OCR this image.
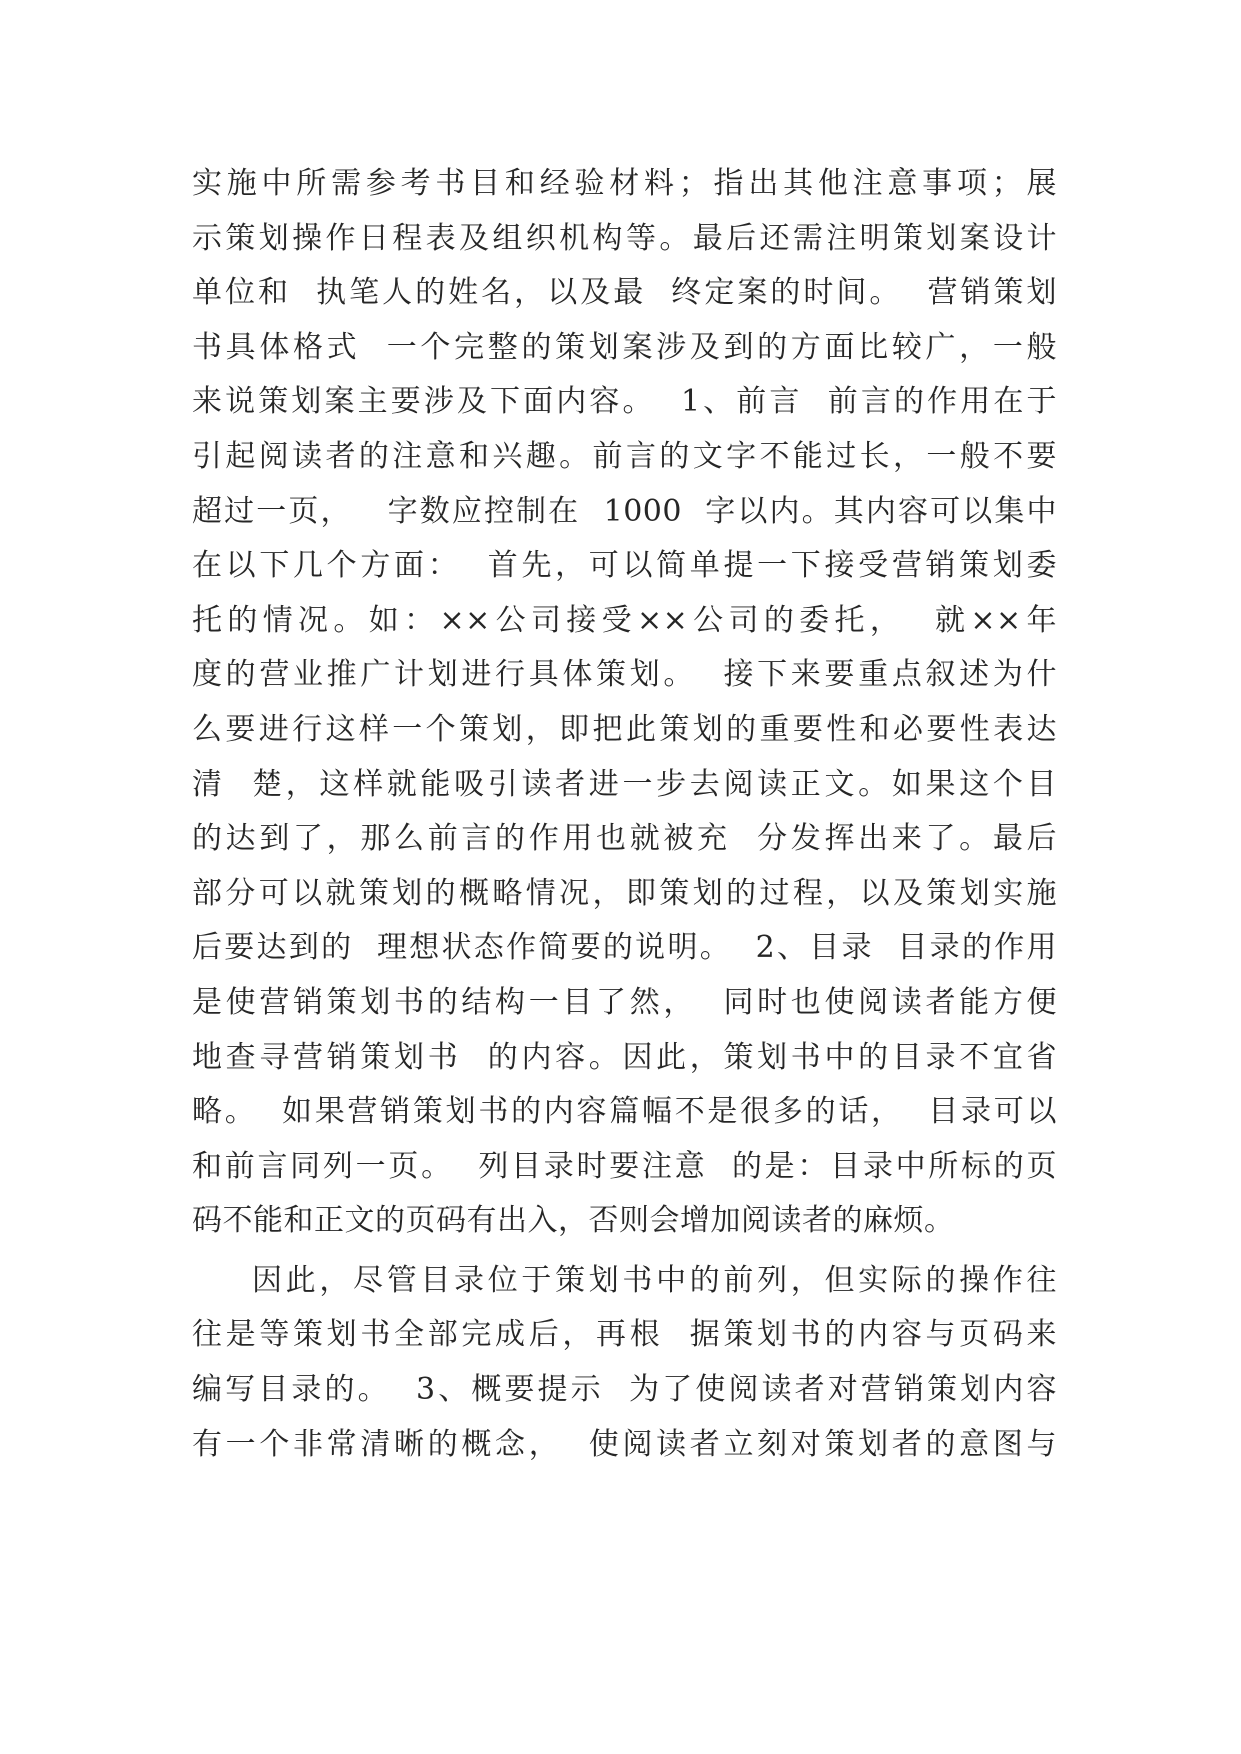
实施中所需参考书目和经验材料；指出其他注意事项；展
示策划操作日程表及组织机构等。最后还需注明策划案设计
单位和  执笔人的姓名，以及最  终定案的时间。  营销策划
书具体格式  一个完整的策划案涉及到的方面比较广，一般
来说策划案主要涉及下面内容。  1、前言  前言的作用在于
引起阅读者的注意和兴趣。前言的文字不能过长，一般不要
超过一页，   字数应控制在  1000  字以内。其内容可以集中
在以下几个方面：  首先，可以简单提一下接受营销策划委
托的情况。如：××公司接受××公司的委托，  就××年
度的营业推广计划进行具体策划。  接下来要重点叙述为什
么要进行这样一个策划，即把此策划的重要性和必要性表达
清  楚，这样就能吸引读者进一步去阅读正文。如果这个目
的达到了，那么前言的作用也就被充  分发挥出来了。最后
部分可以就策划的概略情况，即策划的过程，以及策划实施
后要达到的  理想状态作简要的说明。  2、目录  目录的作用
是使营销策划书的结构一目了然，  同时也使阅读者能方便
地查寻营销策划书  的内容。因此，策划书中的目录不宜省
略。  如果营销策划书的内容篇幅不是很多的话，  目录可以
和前言同列一页。  列目录时要注意  的是：目录中所标的页
码不能和正文的页码有出入，否则会增加阅读者的麻烦。
因此，尽管目录位于策划书中的前列，但实际的操作往
往是等策划书全部完成后，再根  据策划书的内容与页码来
编写目录的。  3、概要提示  为了使阅读者对营销策划内容
有一个非常清晰的概念，  使阅读者立刻对策划者的意图与
